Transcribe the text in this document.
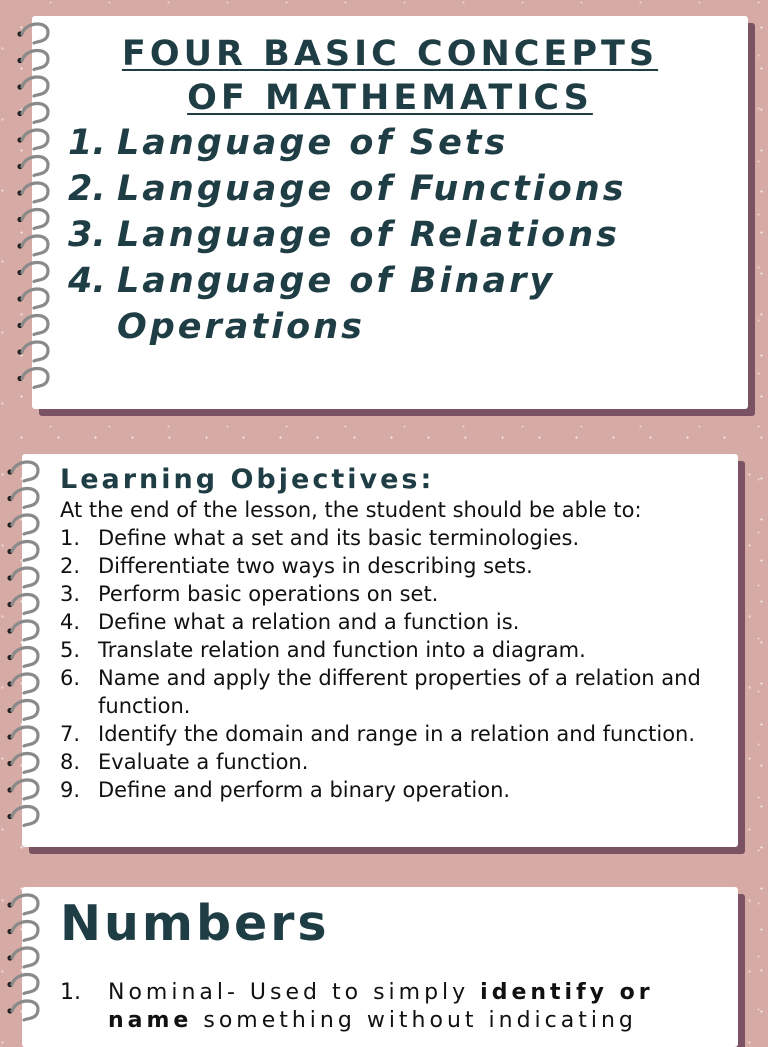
FOUR BASIC CONCEPTS
OF MATHEMATICS
1. Language of Sets
2. Language of Functions
3. Language of Relations
4. Language of Binary Operations
Learning Objectives:
At the end of the lesson, the student should be able to:
1. Define what a set and its basic terminologies.
2. Differentiate two ways in describing sets.
3. Perform basic operations on set.
4. Define what a relation and a function is.
5. Translate relation and function into a diagram.
6. Name and apply the different properties of a relation and function.
7. Identify the domain and range in a relation and function.
8. Evaluate a function.
9. Define and perform a binary operation.
Numbers
1.	Nominal- Used to simply identify or name something without indicating
